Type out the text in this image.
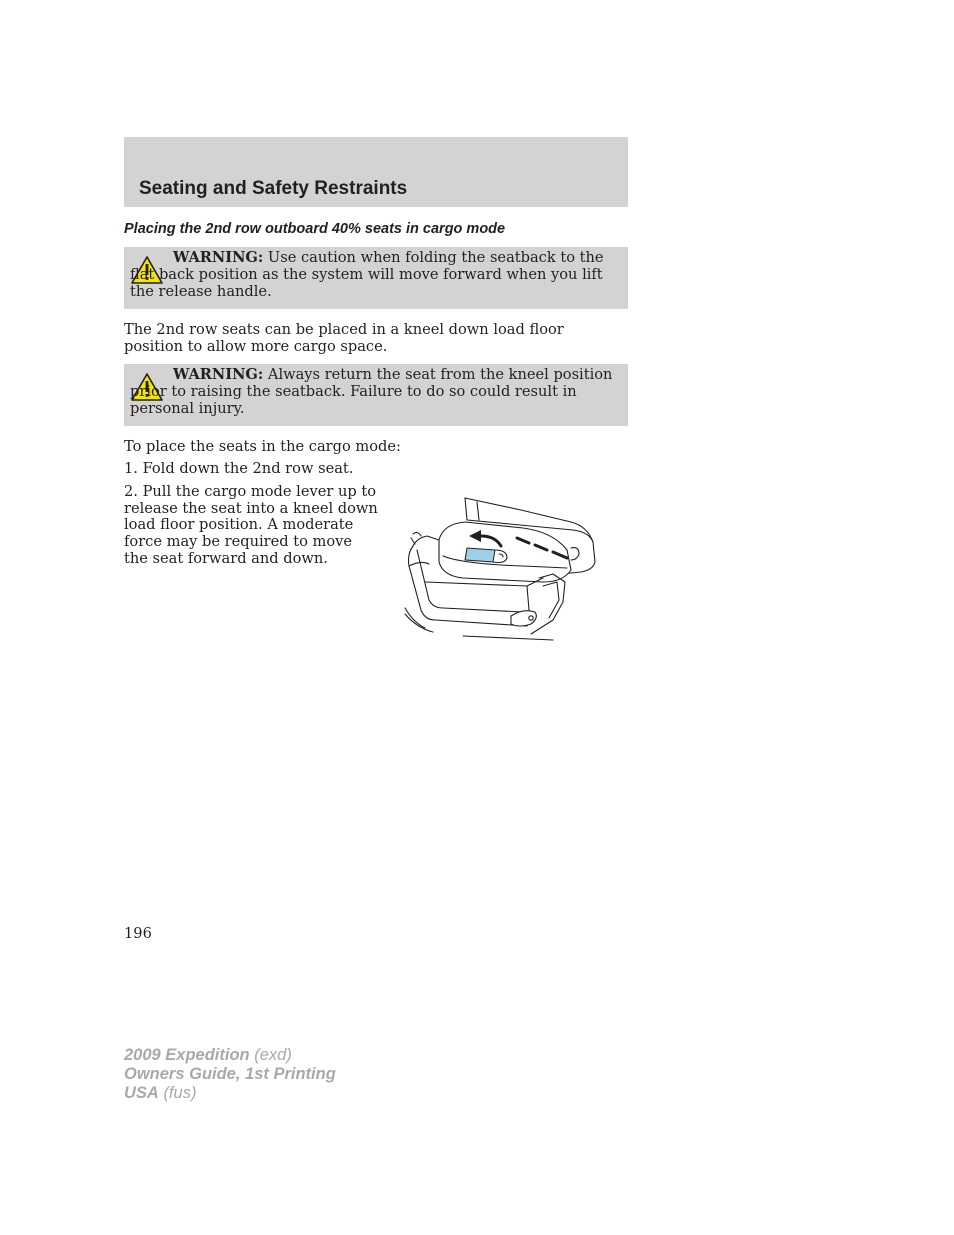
Seating and Safety Restraints
Placing the 2nd row outboard 40% seats in cargo mode
WARNING: Use caution when folding the seatback to the flat back position as the system will move forward when you lift the release handle.
The 2nd row seats can be placed in a kneel down load floor position to allow more cargo space.
WARNING: Always return the seat from the kneel position prior to raising the seatback. Failure to do so could result in personal injury.
To place the seats in the cargo mode:
1. Fold down the 2nd row seat.
2. Pull the cargo mode lever up to release the seat into a kneel down load floor position. A moderate force may be required to move the seat forward and down.
196
2009 Expedition (exd)
Owners Guide, 1st Printing
USA (fus)
